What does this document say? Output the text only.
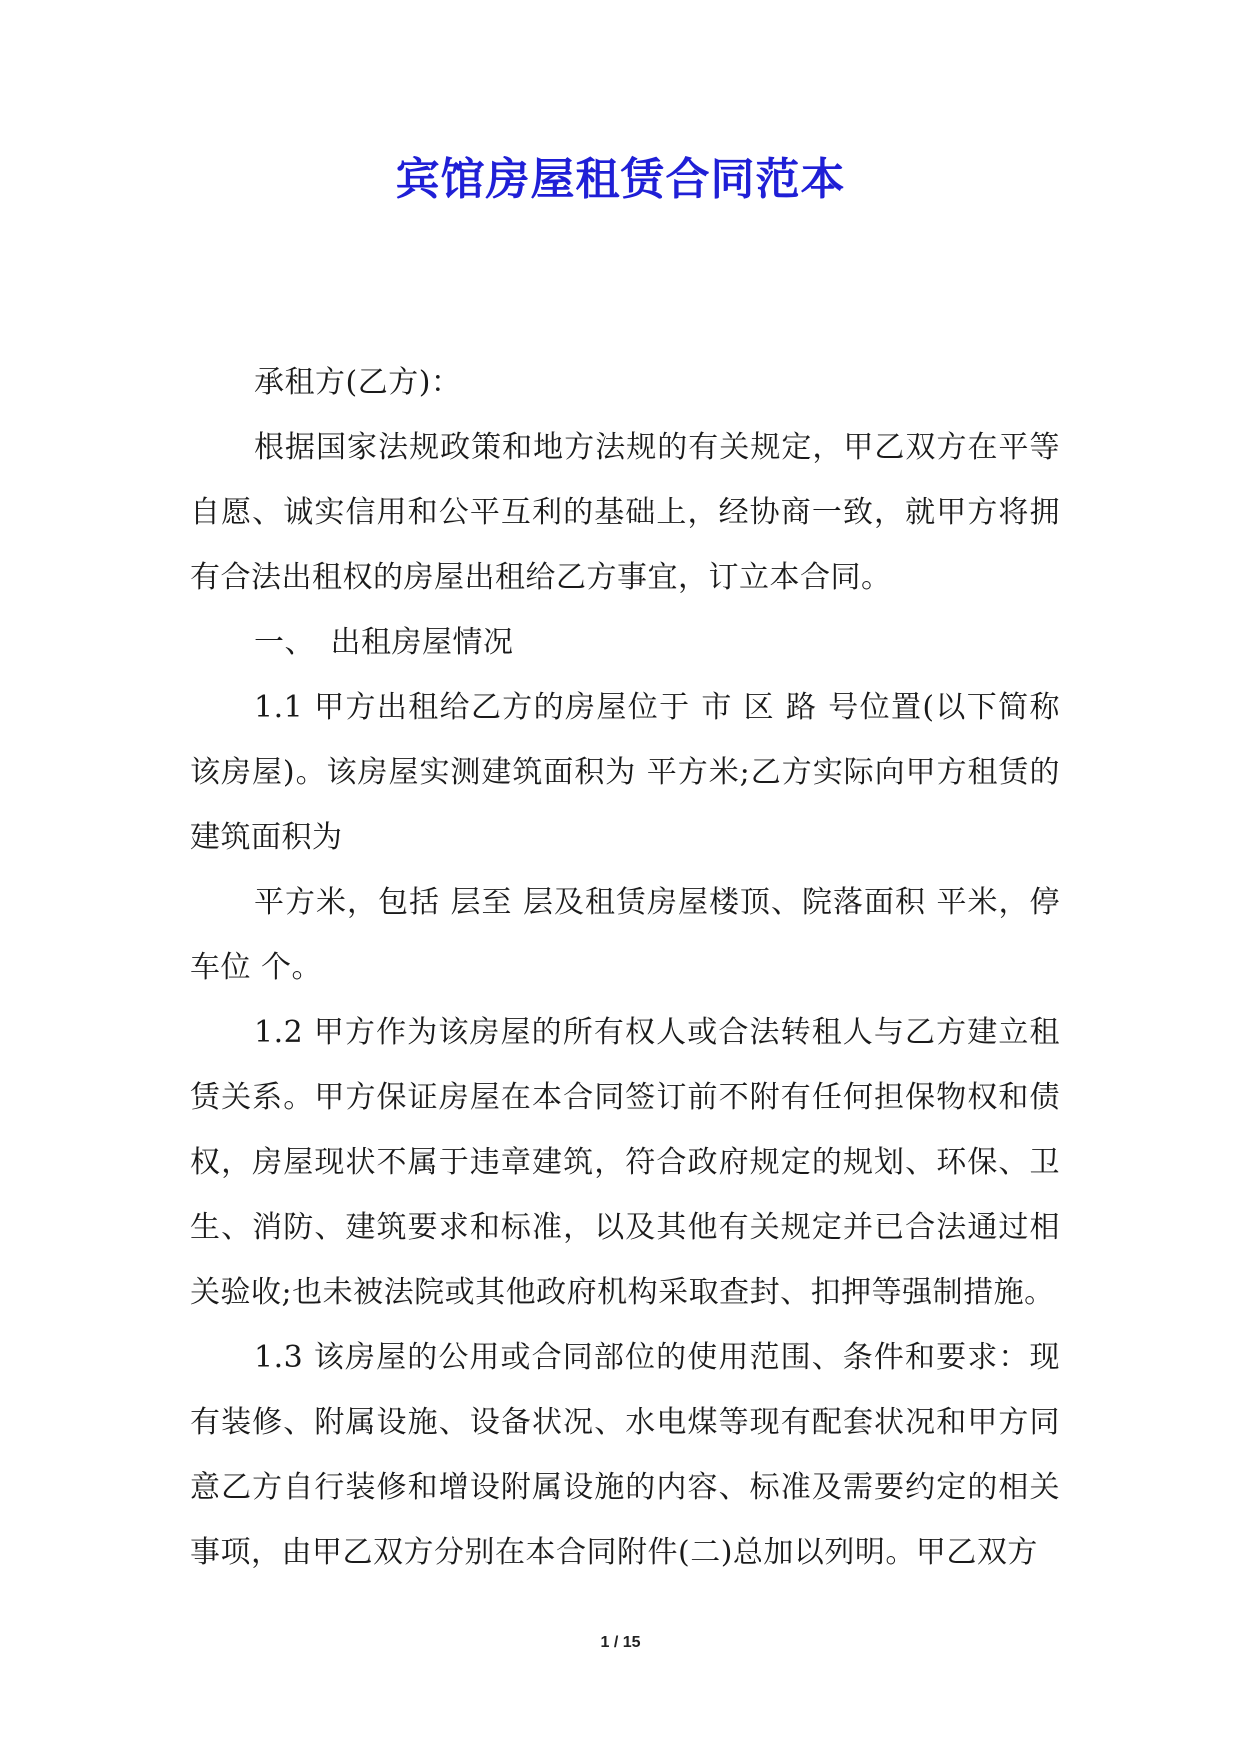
宾馆房屋租赁合同范本

承租方(乙方)：

根据国家法规政策和地方法规的有关规定，甲乙双方在平等自愿、诚实信用和公平互利的基础上，经协商一致，就甲方将拥有合法出租权的房屋出租给乙方事宜，订立本合同。

一、　出租房屋情况

1.1 甲方出租给乙方的房屋位于 市 区 路 号位置(以下简称该房屋)。该房屋实测建筑面积为 平方米;乙方实际向甲方租赁的建筑面积为

平方米，包括 层至 层及租赁房屋楼顶、院落面积 平米，停车位 个。

1.2 甲方作为该房屋的所有权人或合法转租人与乙方建立租赁关系。甲方保证房屋在本合同签订前不附有任何担保物权和债权，房屋现状不属于违章建筑，符合政府规定的规划、环保、卫生、消防、建筑要求和标准，以及其他有关规定并已合法通过相关验收;也未被法院或其他政府机构采取查封、扣押等强制措施。

1.3 该房屋的公用或合同部位的使用范围、条件和要求：现有装修、附属设施、设备状况、水电煤等现有配套状况和甲方同意乙方自行装修和增设附属设施的内容、标准及需要约定的相关事项，由甲乙双方分别在本合同附件(二)总加以列明。甲乙双方

1 / 15
